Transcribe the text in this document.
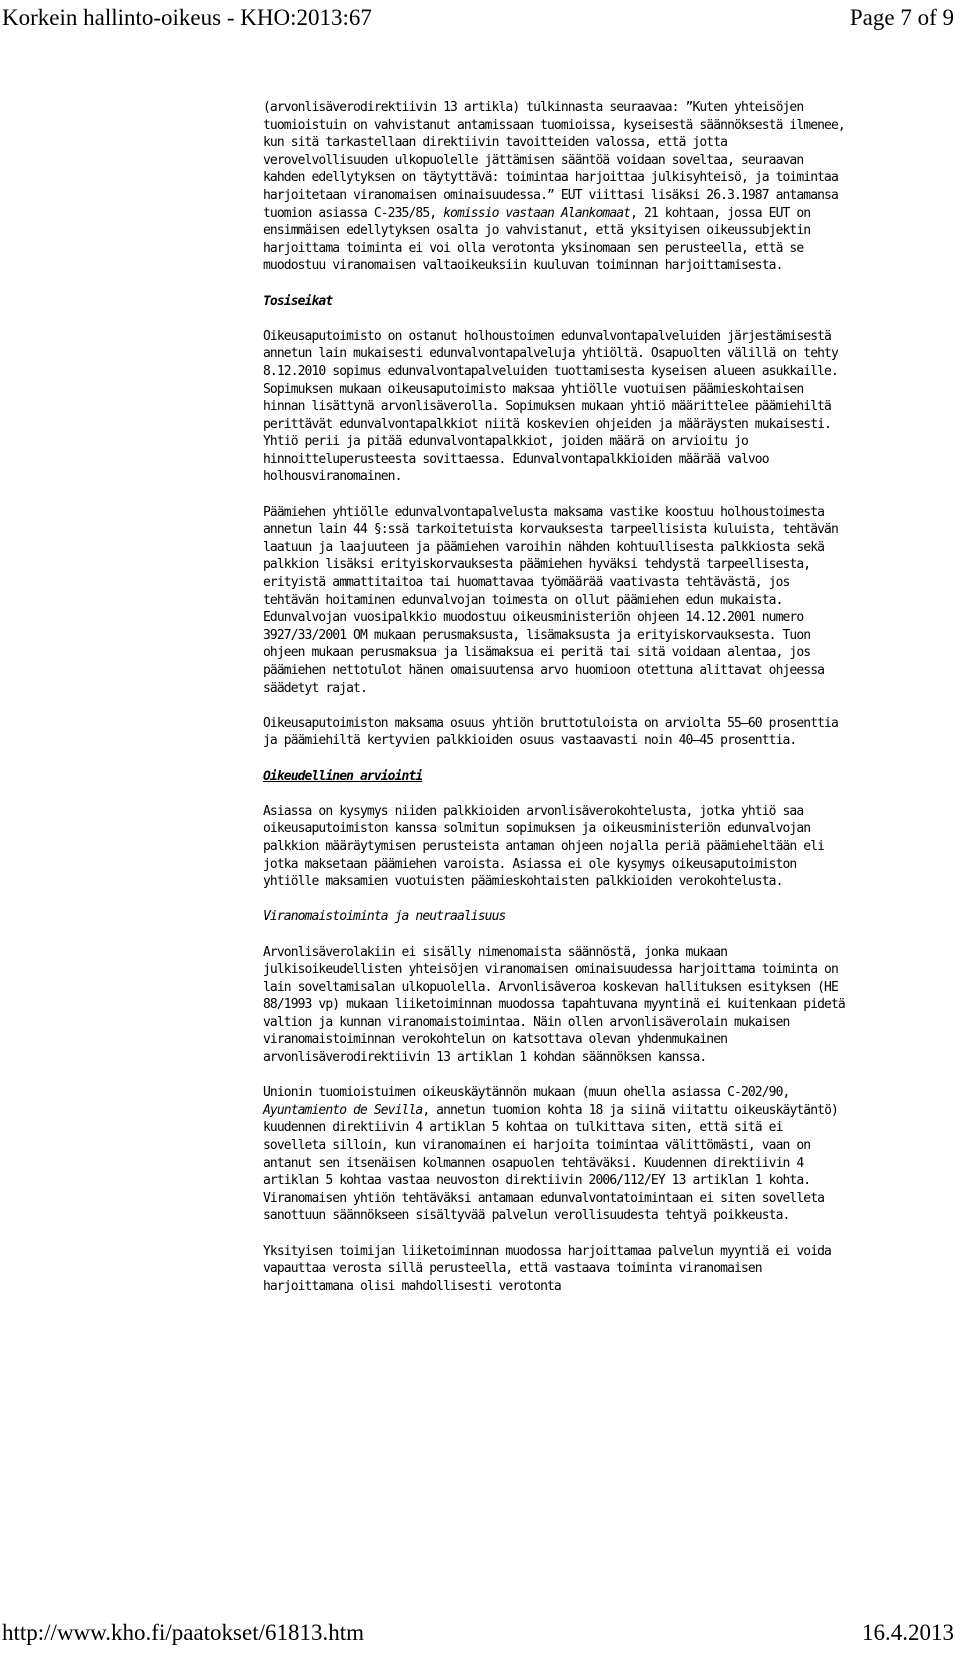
Korkein hallinto-oikeus - KHO:2013:67	Page 7 of 9

(arvonlisäverodirektiivin 13 artikla) tulkinnasta seuraavaa: ”Kuten yhteisöjen tuomioistuin on vahvistanut antamissaan tuomioissa, kyseisestä säännöksestä ilmenee, kun sitä tarkastellaan direktiivin tavoitteiden valossa, että jotta verovelvollisuuden ulkopuolelle jättämisen sääntöä voidaan soveltaa, seuraavan kahden edellytyksen on täytyttävä: toimintaa harjoittaa julkisyhteisö, ja toimintaa harjoitetaan viranomaisen ominaisuudessa.” EUT viittasi lisäksi 26.3.1987 antamansa tuomion asiassa C-235/85, komissio vastaan Alankomaat, 21 kohtaan, jossa EUT on ensimmäisen edellytyksen osalta jo vahvistanut, että yksityisen oikeussubjektin harjoittama toiminta ei voi olla verotonta yksinomaan sen perusteella, että se muodostuu viranomaisen valtaoikeuksiin kuuluvan toiminnan harjoittamisesta.

Tosiseikat

Oikeusaputoimisto on ostanut holhoustoimen edunvalvontapalveluiden järjestämisestä annetun lain mukaisesti edunvalvontapalveluja yhtiöltä. Osapuolten välillä on tehty 8.12.2010 sopimus edunvalvontapalveluiden tuottamisesta kyseisen alueen asukkaille. Sopimuksen mukaan oikeusaputoimisto maksaa yhtiölle vuotuisen päämieskohtaisen hinnan lisättynä arvonlisäverolla. Sopimuksen mukaan yhtiö määrittelee päämiehiltä perittävät edunvalvontapalkkiot niitä koskevien ohjeiden ja määräysten mukaisesti. Yhtiö perii ja pitää edunvalvontapalkkiot, joiden määrä on arvioitu jo hinnoitteluperusteesta sovittaessa. Edunvalvontapalkkioiden määrää valvoo holhousviranomainen.

Päämiehen yhtiölle edunvalvontapalvelusta maksama vastike koostuu holhoustoimesta annetun lain 44 §:ssä tarkoitetuista korvauksesta tarpeellisista kuluista, tehtävän laatuun ja laajuuteen ja päämiehen varoihin nähden kohtuullisesta palkkiosta sekä palkkion lisäksi erityiskorvauksesta päämiehen hyväksi tehdystä tarpeellisesta, erityistä ammattitaitoa tai huomattavaa työmäärää vaativasta tehtävästä, jos tehtävän hoitaminen edunvalvojan toimesta on ollut päämiehen edun mukaista. Edunvalvojan vuosipalkkio muodostuu oikeusministeriön ohjeen 14.12.2001 numero 3927/33/2001 OM mukaan perusmaksusta, lisämaksusta ja erityiskorvauksesta. Tuon ohjeen mukaan perusmaksua ja lisämaksua ei peritä tai sitä voidaan alentaa, jos päämiehen nettotulot hänen omaisuutensa arvo huomioon otettuna alittavat ohjeessa säädetyt rajat.

Oikeusaputoimiston maksama osuus yhtiön bruttotuloista on arviolta 55—60 prosenttia ja päämiehiltä kertyvien palkkioiden osuus vastaavasti noin 40—45 prosenttia.

Oikeudellinen arviointi

Asiassa on kysymys niiden palkkioiden arvonlisäverokohtelusta, jotka yhtiö saa oikeusaputoimiston kanssa solmitun sopimuksen ja oikeusministeriön edunvalvojan palkkion määräytymisen perusteista antaman ohjeen nojalla periä päämieheltään eli jotka maksetaan päämiehen varoista. Asiassa ei ole kysymys oikeusaputoimiston yhtiölle maksamien vuotuisten päämieskohtaisten palkkioiden verokohtelusta.

Viranomaistoiminta ja neutraalisuus

Arvonlisäverolakiin ei sisälly nimenomaista säännöstä, jonka mukaan julkisoikeudellisten yhteisöjen viranomaisen ominaisuudessa harjoittama toiminta on lain soveltamisalan ulkopuolella. Arvonlisäveroa koskevan hallituksen esityksen (HE 88/1993 vp) mukaan liiketoiminnan muodossa tapahtuvana myyntinä ei kuitenkaan pidetä valtion ja kunnan viranomaistoimintaa. Näin ollen arvonlisäverolain mukaisen viranomaistoiminnan verokohtelun on katsottava olevan yhdenmukainen arvonlisäverodirektiivin 13 artiklan 1 kohdan säännöksen kanssa.

Unionin tuomioistuimen oikeuskäytännön mukaan (muun ohella asiassa C-202/90, Ayuntamiento de Sevilla, annetun tuomion kohta 18 ja siinä viitattu oikeuskäytäntö) kuudennen direktiivin 4 artiklan 5 kohtaa on tulkittava siten, että sitä ei sovelleta silloin, kun viranomainen ei harjoita toimintaa välittömästi, vaan on antanut sen itsenäisen kolmannen osapuolen tehtäväksi. Kuudennen direktiivin 4 artiklan 5 kohtaa vastaa neuvoston direktiivin 2006/112/EY 13 artiklan 1 kohta. Viranomaisen yhtiön tehtäväksi antamaan edunvalvontatoimintaan ei siten sovelleta sanottuun säännökseen sisältyvää palvelun verollisuudesta tehtyä poikkeusta.

Yksityisen toimijan liiketoiminnan muodossa harjoittamaa palvelun myyntiä ei voida vapauttaa verosta sillä perusteella, että vastaava toiminta viranomaisen harjoittamana olisi mahdollisesti verotonta

http://www.kho.fi/paatokset/61813.htm	16.4.2013
